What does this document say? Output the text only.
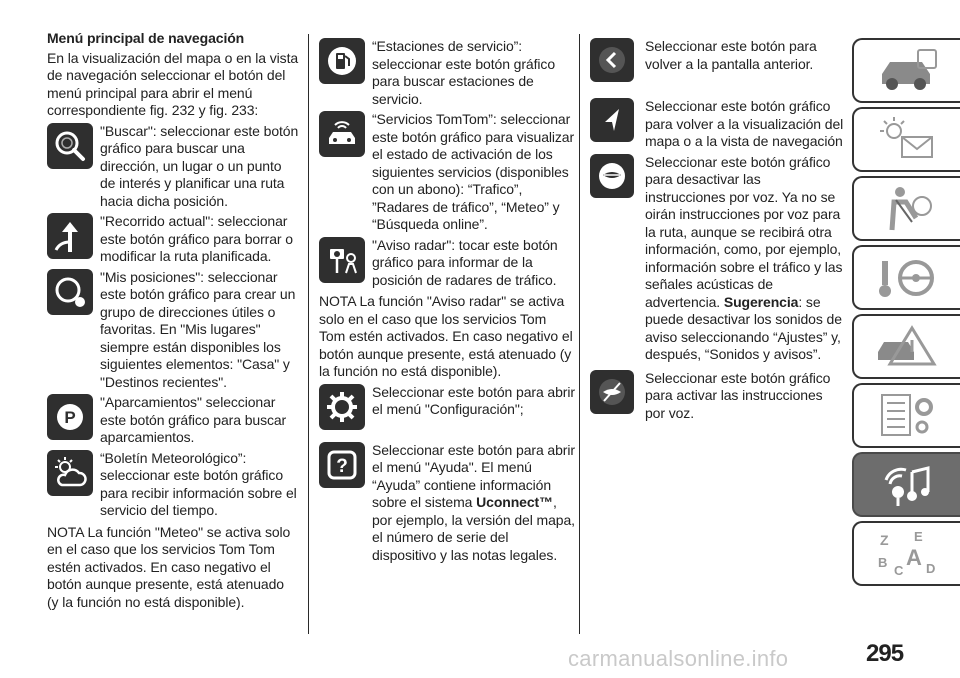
Menú principal de navegación

En la visualización del mapa o en la vista de navegación seleccionar el botón del menú principal para abrir el menú correspondiente fig. 232 y fig. 233:

"Buscar": seleccionar este botón gráfico para buscar una dirección, un lugar o un punto de interés y planificar una ruta hacia dicha posición.
"Recorrido actual": seleccionar este botón gráfico para borrar o modificar la ruta planificada.
"Mis posiciones": seleccionar este botón gráfico para crear un grupo de direcciones útiles o favoritas. En "Mis lugares" siempre están disponibles los siguientes elementos: "Casa" y "Destinos recientes".
P
"Aparcamientos" seleccionar este botón gráfico para buscar aparcamientos.
“Boletín Meteorológico”: seleccionar este botón gráfico para recibir información sobre el servicio del tiempo.

NOTA La función "Meteo" se activa solo en el caso que los servicios Tom Tom estén activados. En caso negativo el botón aunque presente, está atenuado (y la función no está disponible).

“Estaciones de servicio”: seleccionar este botón gráfico para buscar estaciones de servicio.
“Servicios TomTom”: seleccionar este botón gráfico para visualizar el estado de activación de los siguientes servicios (disponibles con un abono): “Trafico”, ”Radares de tráfico”, “Meteo” y “Búsqueda online”.
"Aviso radar": tocar este botón gráfico para informar de la posición de radares de tráfico.

NOTA La función "Aviso radar" se activa solo en el caso que los servicios Tom Tom estén activados. En caso negativo el botón aunque presente, está atenuado (y la función no está disponible).

Seleccionar este botón para abrir el menú "Configuración";
?
Seleccionar este botón para abrir el menú "Ayuda". El menú “Ayuda” contiene información sobre el sistema Uconnect™, por ejemplo, la versión del mapa, el número de serie del dispositivo y las notas legales.
Seleccionar este botón para volver a la pantalla anterior.
Seleccionar este botón gráfico para volver a la visualización del mapa o a la vista de navegación
Seleccionar este botón gráfico para desactivar las instrucciones por voz. Ya no se oirán instrucciones por voz para la ruta, aunque se recibirá otra información, como, por ejemplo, información sobre el tráfico y las señales acústicas de advertencia. Sugerencia: se puede desactivar los sonidos de aviso seleccionando “Ajustes” y, después, “Sonidos y avisos”.
Seleccionar este botón gráfico para activar las instrucciones por voz.
Z E
B
C
A D
295
carmanualsonline.info
